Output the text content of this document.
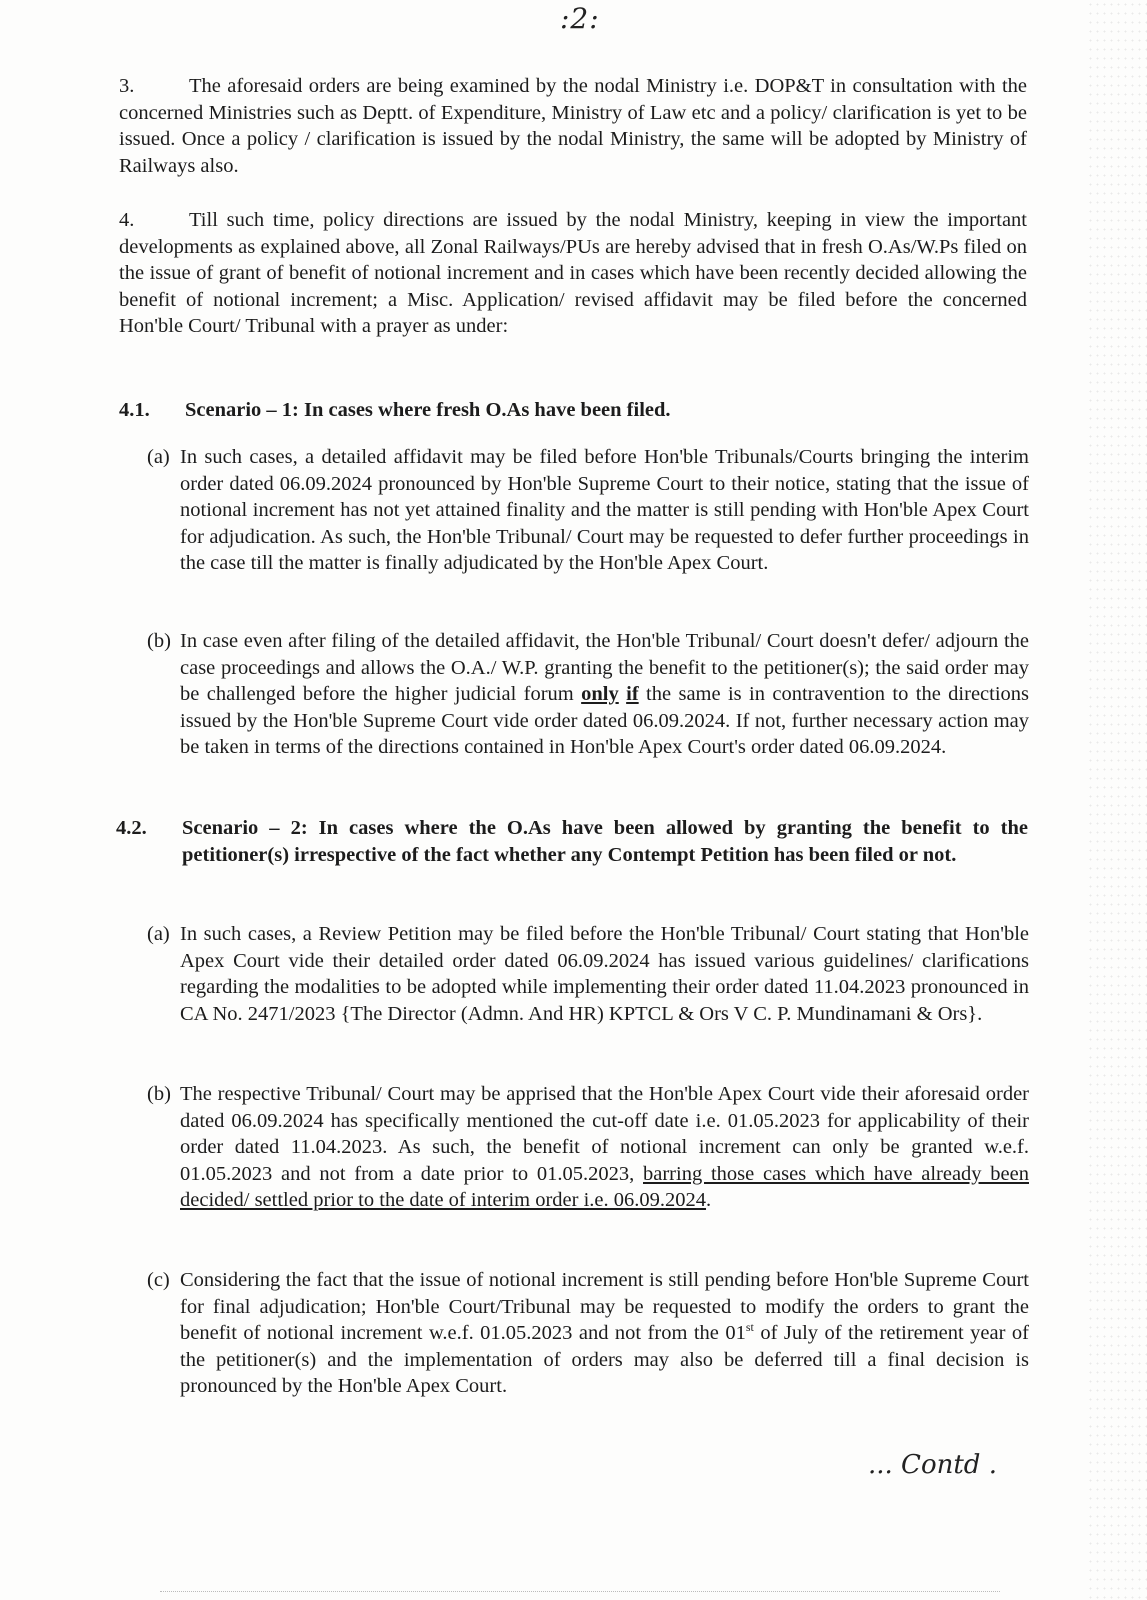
:2:
3.	The aforesaid orders are being examined by the nodal Ministry i.e. DOP&T in consultation with the concerned Ministries such as Deptt. of Expenditure, Ministry of Law etc and a policy/ clarification is yet to be issued. Once a policy / clarification is issued by the nodal Ministry, the same will be adopted by Ministry of Railways also.
4.	Till such time, policy directions are issued by the nodal Ministry, keeping in view the important developments as explained above, all Zonal Railways/PUs are hereby advised that in fresh O.As/W.Ps filed on the issue of grant of benefit of notional increment and in cases which have been recently decided allowing the benefit of notional increment; a Misc. Application/ revised affidavit may be filed before the concerned Hon'ble Court/ Tribunal with a prayer as under:
4.1. Scenario – 1: In cases where fresh O.As have been filed.
(a) In such cases, a detailed affidavit may be filed before Hon'ble Tribunals/Courts bringing the interim order dated 06.09.2024 pronounced by Hon'ble Supreme Court to their notice, stating that the issue of notional increment has not yet attained finality and the matter is still pending with Hon'ble Apex Court for adjudication. As such, the Hon'ble Tribunal/ Court may be requested to defer further proceedings in the case till the matter is finally adjudicated by the Hon'ble Apex Court.
(b) In case even after filing of the detailed affidavit, the Hon'ble Tribunal/ Court doesn't defer/ adjourn the case proceedings and allows the O.A./ W.P. granting the benefit to the petitioner(s); the said order may be challenged before the higher judicial forum only if the same is in contravention to the directions issued by the Hon'ble Supreme Court vide order dated 06.09.2024. If not, further necessary action may be taken in terms of the directions contained in Hon'ble Apex Court's order dated 06.09.2024.
4.2.	Scenario – 2: In cases where the O.As have been allowed by granting the benefit to the petitioner(s) irrespective of the fact whether any Contempt Petition has been filed or not.
(a) In such cases, a Review Petition may be filed before the Hon'ble Tribunal/ Court stating that Hon'ble Apex Court vide their detailed order dated 06.09.2024 has issued various guidelines/ clarifications regarding the modalities to be adopted while implementing their order dated 11.04.2023 pronounced in CA No. 2471/2023 {The Director (Admn. And HR) KPTCL & Ors V C. P. Mundinamani & Ors}.
(b) The respective Tribunal/ Court may be apprised that the Hon'ble Apex Court vide their aforesaid order dated 06.09.2024 has specifically mentioned the cut-off date i.e. 01.05.2023 for applicability of their order dated 11.04.2023. As such, the benefit of notional increment can only be granted w.e.f. 01.05.2023 and not from a date prior to 01.05.2023, barring those cases which have already been decided/ settled prior to the date of interim order i.e. 06.09.2024.
(c) Considering the fact that the issue of notional increment is still pending before Hon'ble Supreme Court for final adjudication; Hon'ble Court/Tribunal may be requested to modify the orders to grant the benefit of notional increment w.e.f. 01.05.2023 and not from the 01st of July of the retirement year of the petitioner(s) and the implementation of orders may also be deferred till a final decision is pronounced by the Hon'ble Apex Court.
... Contd .
